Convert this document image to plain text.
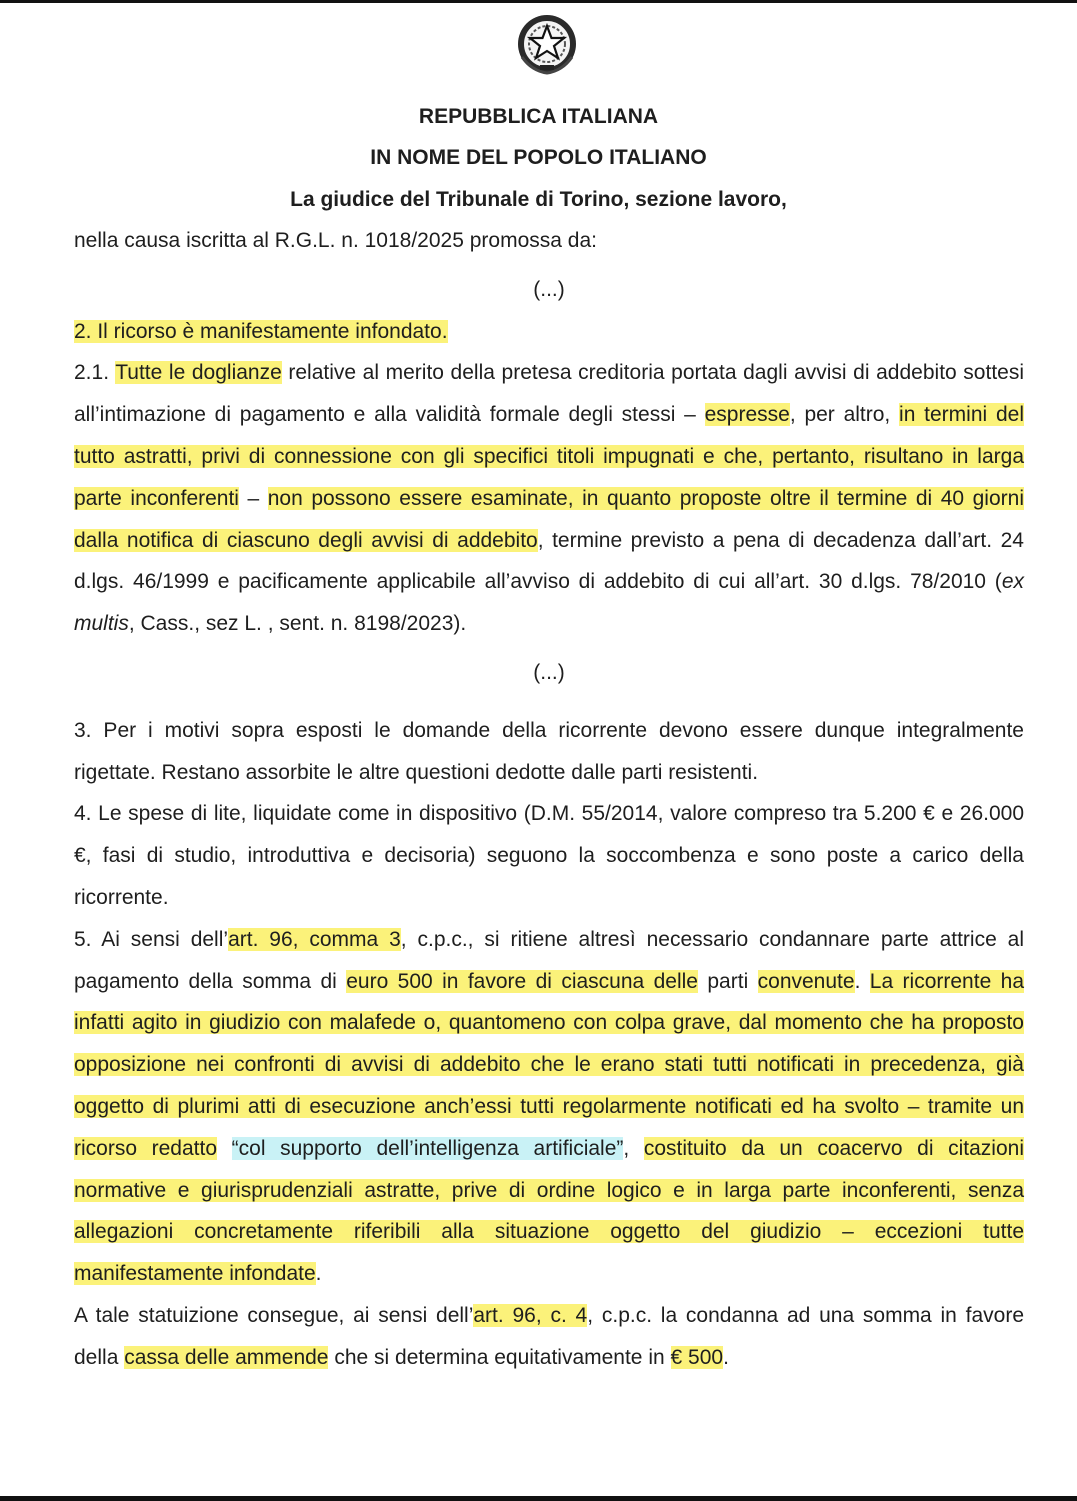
REPUBBLICA ITALIANA
IN NOME DEL POPOLO ITALIANO
La giudice del Tribunale di Torino, sezione lavoro,

nella causa iscritta al R.G.L. n. 1018/2025 promossa da:

(...)

2. Il ricorso è manifestamente infondato.

2.1. Tutte le doglianze relative al merito della pretesa creditoria portata dagli avvisi di addebito sottesi all’intimazione di pagamento e alla validità formale degli stessi – espresse, per altro, in termini del tutto astratti, privi di connessione con gli specifici titoli impugnati e che, pertanto, risultano in larga parte inconferenti – non possono essere esaminate, in quanto proposte oltre il termine di 40 giorni dalla notifica di ciascuno degli avvisi di addebito, termine previsto a pena di decadenza dall’art. 24 d.lgs. 46/1999 e pacificamente applicabile all’avviso di addebito di cui all’art. 30 d.lgs. 78/2010 (ex multis, Cass., sez L. , sent. n. 8198/2023).

(...)

3. Per i motivi sopra esposti le domande della ricorrente devono essere dunque integralmente rigettate. Restano assorbite le altre questioni dedotte dalle parti resistenti.

4. Le spese di lite, liquidate come in dispositivo (D.M. 55/2014, valore compreso tra 5.200 € e 26.000 €, fasi di studio, introduttiva e decisoria) seguono la soccombenza e sono poste a carico della ricorrente.

5. Ai sensi dell’art. 96, comma 3, c.p.c., si ritiene altresì necessario condannare parte attrice al pagamento della somma di euro 500 in favore di ciascuna delle parti convenute. La ricorrente ha infatti agito in giudizio con malafede o, quantomeno con colpa grave, dal momento che ha proposto opposizione nei confronti di avvisi di addebito che le erano stati tutti notificati in precedenza, già oggetto di plurimi atti di esecuzione anch’essi tutti regolarmente notificati ed ha svolto – tramite un ricorso redatto “col supporto dell’intelligenza artificiale”, costituito da un coacervo di citazioni normative e giurisprudenziali astratte, prive di ordine logico e in larga parte inconferenti, senza allegazioni concretamente riferibili alla situazione oggetto del giudizio – eccezioni tutte manifestamente infondate.

A tale statuizione consegue, ai sensi dell’art. 96, c. 4, c.p.c. la condanna ad una somma in favore della cassa delle ammende che si determina equitativamente in € 500.
